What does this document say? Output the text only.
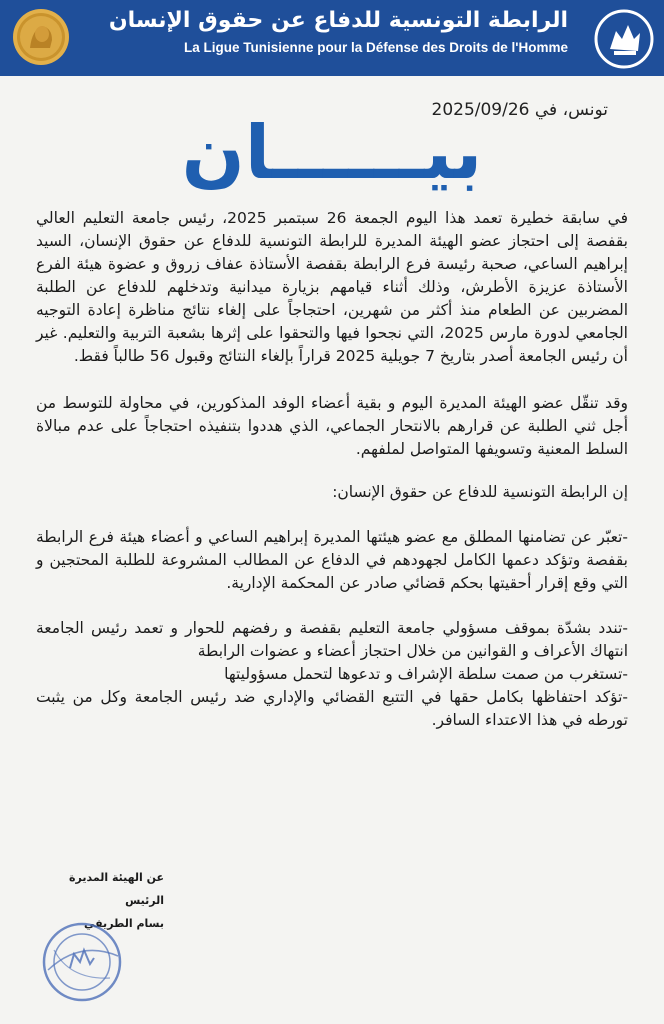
الرابطة التونسية للدفاع عن حقوق الإنسان
La Ligue Tunisienne pour la Défense des Droits de l'Homme
تونس، في 2025/09/26
بيــــــان

في سابقة خطيرة تعمد هذا اليوم الجمعة 26 سبتمبر 2025، رئيس جامعة التعليم العالي بقفصة إلى احتجاز عضو الهيئة المديرة للرابطة التونسية للدفاع عن حقوق الإنسان، السيد إبراهيم الساعي، صحبة رئيسة فرع الرابطة بقفصة الأستاذة عفاف زروق و عضوة هيئة الفرع الأستاذة عزيزة الأطرش، وذلك أثناء قيامهم بزيارة ميدانية وتدخلهم للدفاع عن الطلبة المضربين عن الطعام منذ أكثر من شهرين، احتجاجاً على إلغاء نتائج مناظرة إعادة التوجيه الجامعي لدورة مارس 2025، التي نجحوا فيها والتحقوا على إثرها بشعبة التربية والتعليم. غير أن رئيس الجامعة أصدر بتاريخ 7 جويلية 2025 قراراً بإلغاء النتائج وقبول 56 طالباً فقط.

وقد تنقّل عضو الهيئة المديرة اليوم و بقية أعضاء الوفد المذكورين، في محاولة للتوسط من أجل ثني الطلبة عن قرارهم بالانتحار الجماعي، الذي هددوا بتنفيذه احتجاجاً على عدم مبالاة السلط المعنية وتسويفها المتواصل لملفهم.

إن الرابطة التونسية للدفاع عن حقوق الإنسان:

-تعبّر عن تضامنها المطلق مع عضو هيئتها المديرة إبراهيم الساعي و أعضاء هيئة فرع الرابطة بقفصة وتؤكد دعمها الكامل لجهودهم في الدفاع عن المطالب المشروعة للطلبة المحتجين و التي وقع إقرار أحقيتها بحكم قضائي صادر عن المحكمة الإدارية.

-تندد بشدّة بموقف مسؤولي جامعة التعليم بقفصة و رفضهم للحوار و تعمد رئيس الجامعة انتهاك الأعراف و القوانين من خلال احتجاز أعضاء و عضوات الرابطة

-تستغرب من صمت سلطة الإشراف و تدعوها لتحمل مسؤوليتها

-تؤكد احتفاظها بكامل حقها في التتبع القضائي والإداري ضد رئيس الجامعة وكل من يثبت تورطه في هذا الاعتداء السافر.

عن الهيئة المديرة
الرئيس
بسام الطريفي
